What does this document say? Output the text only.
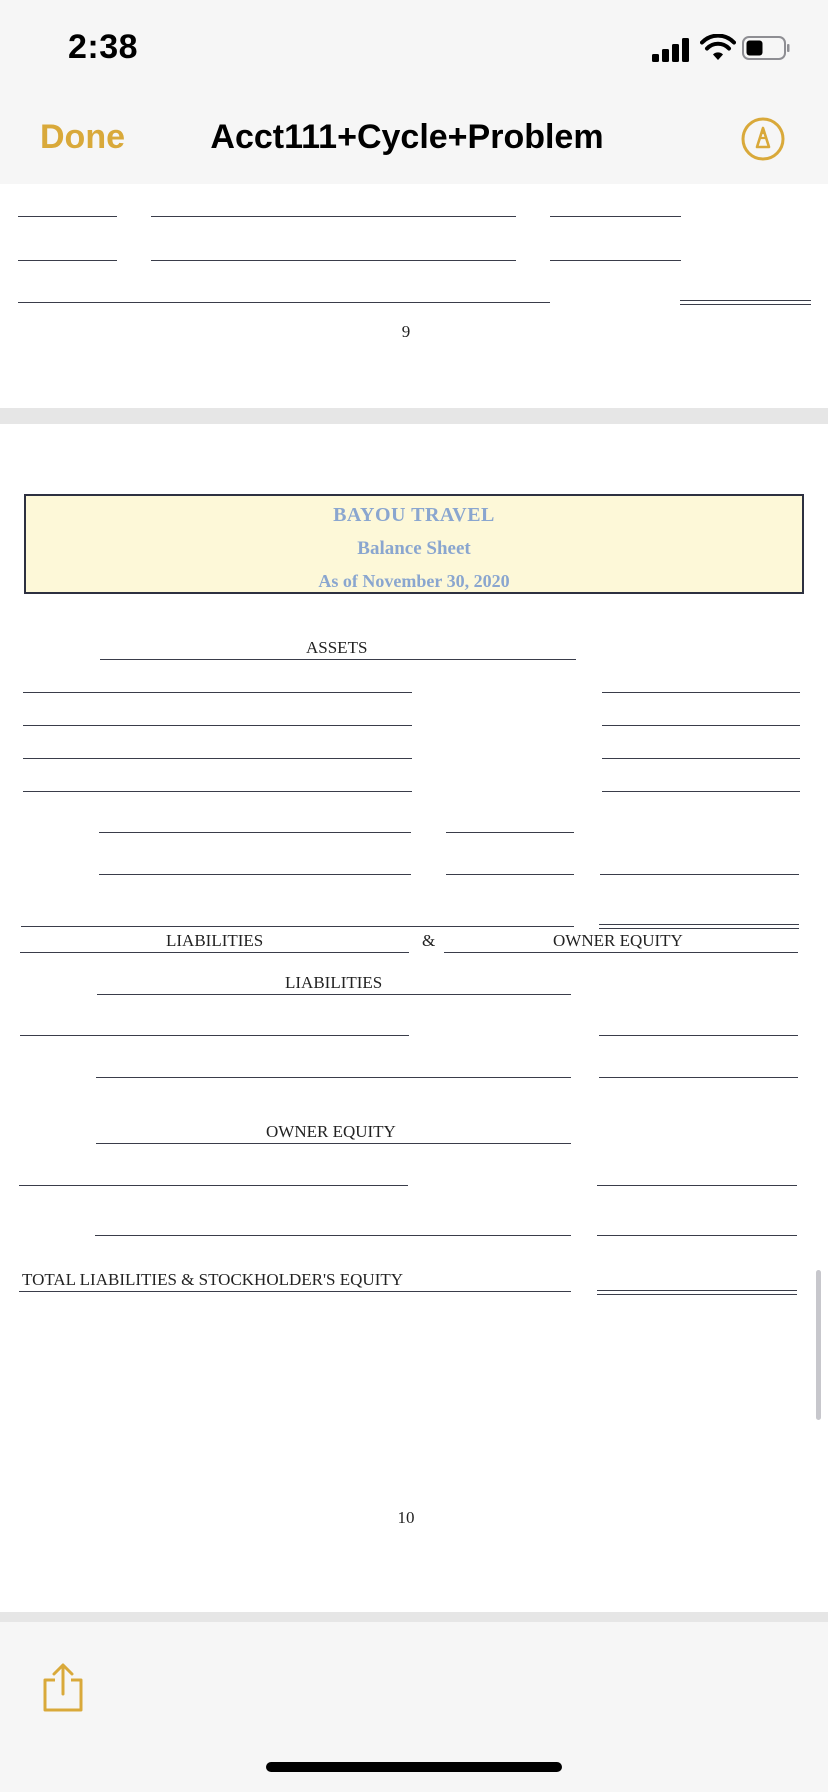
2:38
Done	Acct111+Cycle+Problem
9
BAYOU TRAVEL
Balance Sheet
As of November 30, 2020
ASSETS
LIABILITIES	&	OWNER EQUITY
LIABILITIES
OWNER EQUITY
TOTAL LIABILITIES & STOCKHOLDER'S EQUITY
10
